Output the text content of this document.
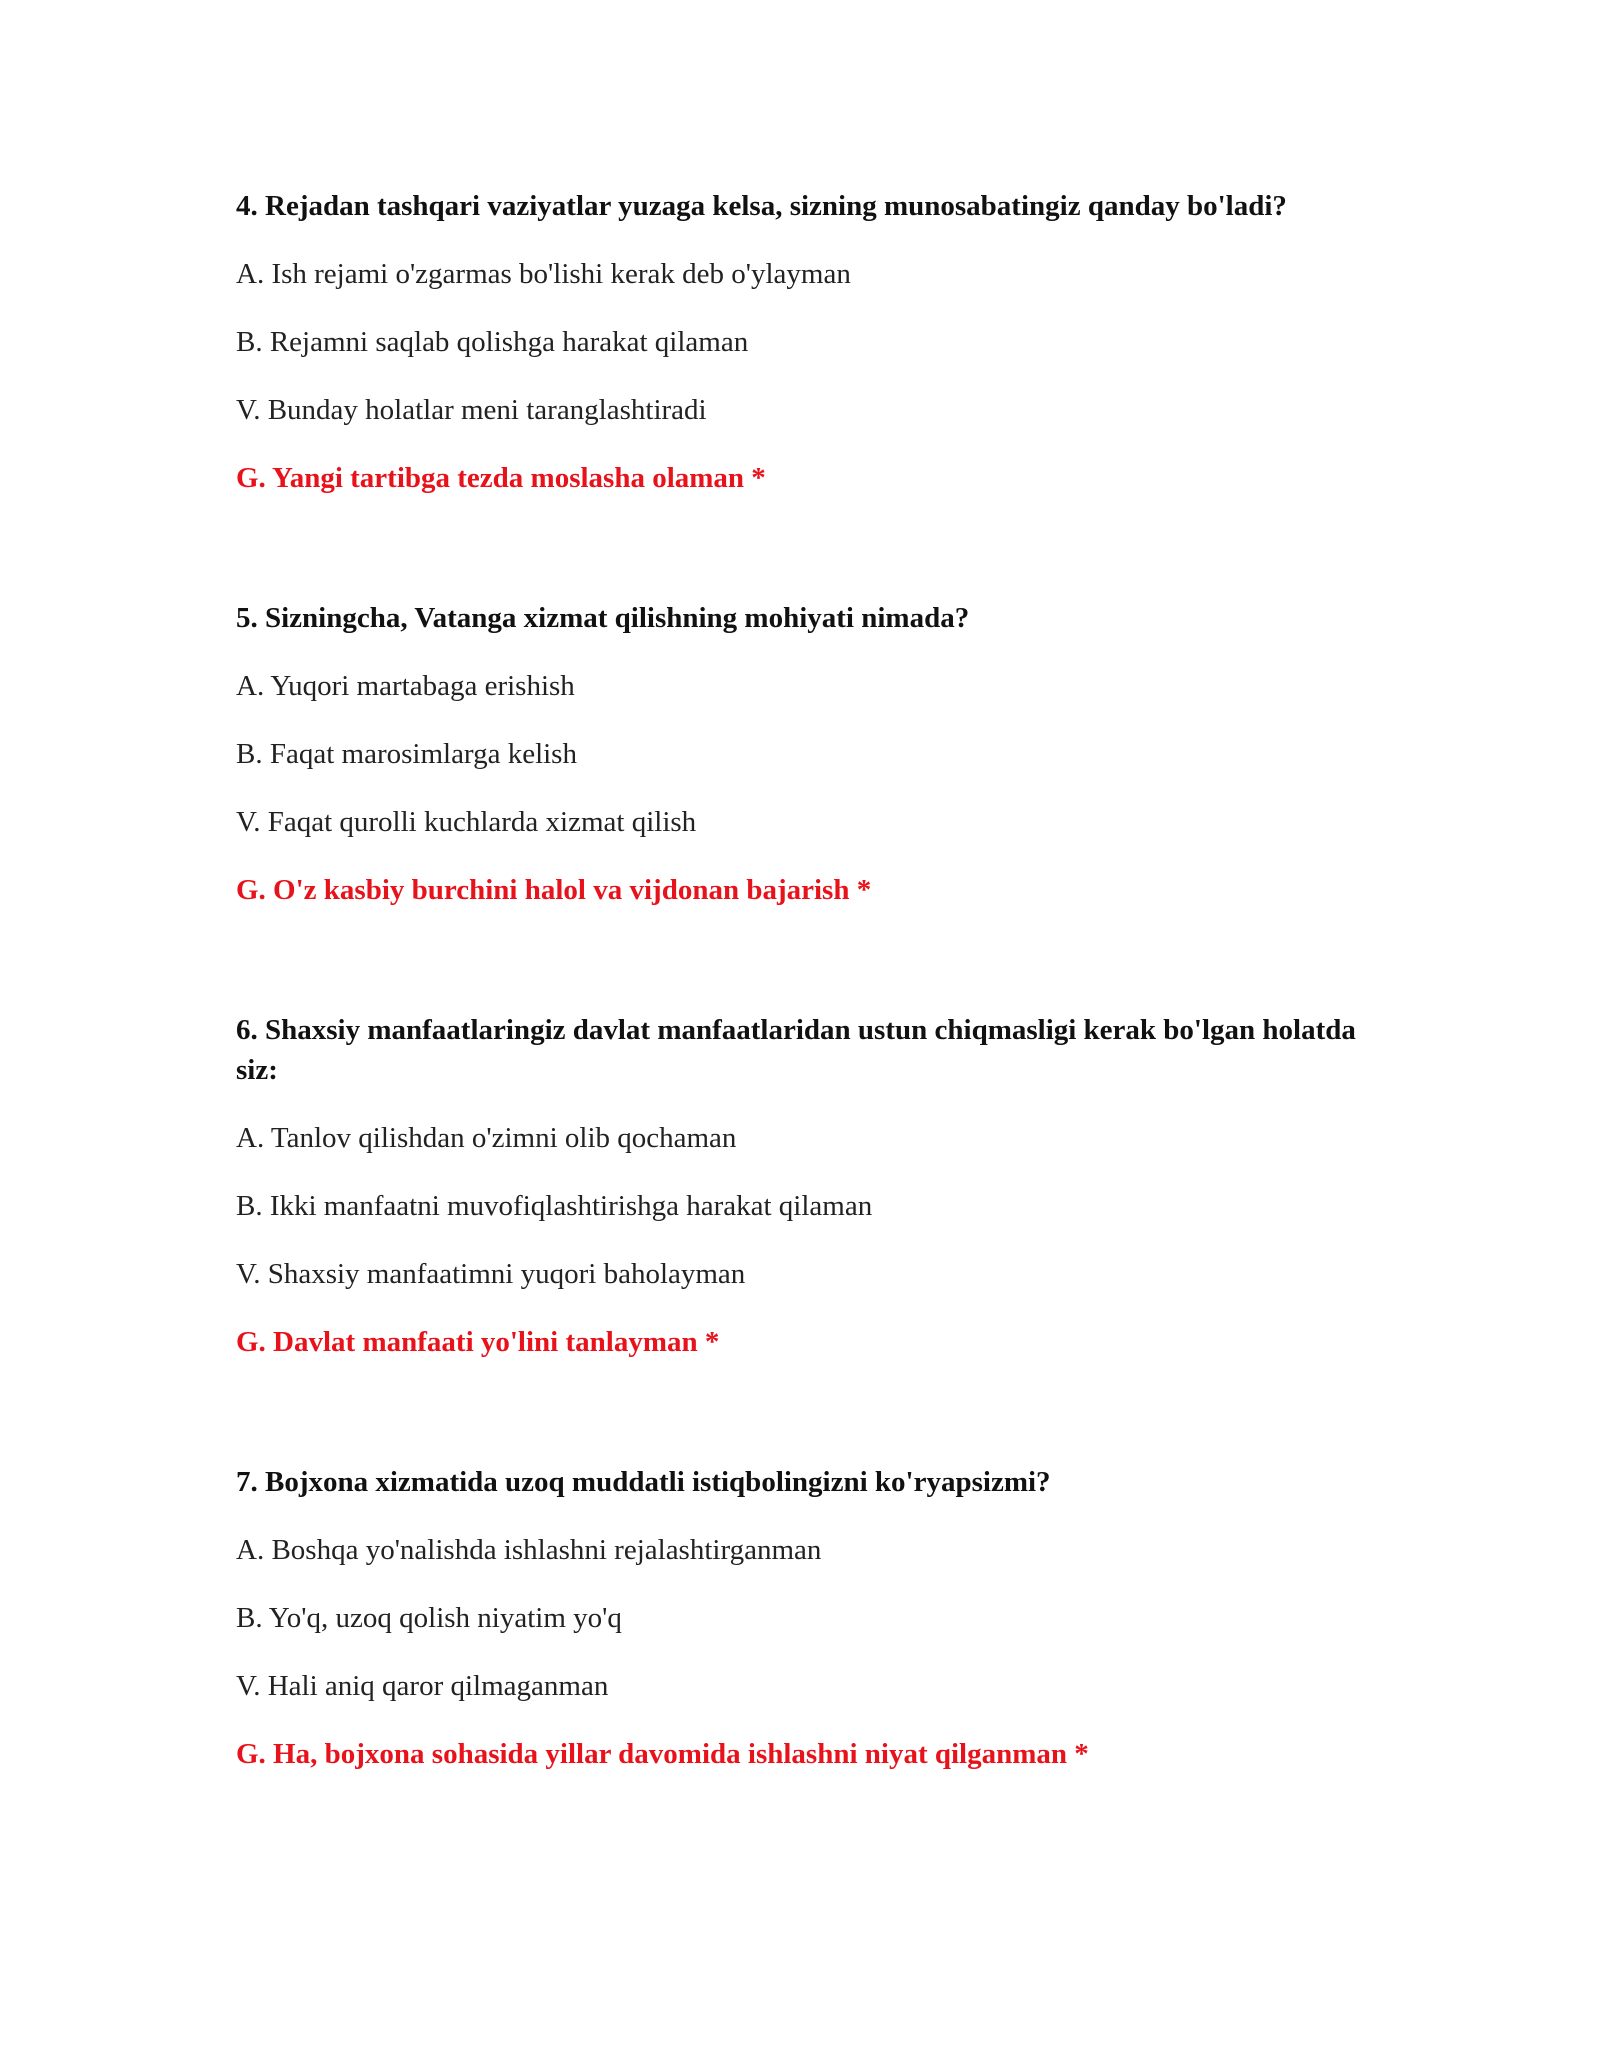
4. Rejadan tashqari vaziyatlar yuzaga kelsa, sizning munosabatingiz qanday bo'ladi?
A. Ish rejami o'zgarmas bo'lishi kerak deb o'ylayman
B. Rejamni saqlab qolishga harakat qilaman
V. Bunday holatlar meni taranglashtiradi
G. Yangi tartibga tezda moslasha olaman *
5. Sizningcha, Vatanga xizmat qilishning mohiyati nimada?
A. Yuqori martabaga erishish
B. Faqat marosimlarga kelish
V. Faqat qurolli kuchlarda xizmat qilish
G. O'z kasbiy burchini halol va vijdonan bajarish *
6. Shaxsiy manfaatlaringiz davlat manfaatlaridan ustun chiqmasligi kerak bo'lgan holatda siz:
A. Tanlov qilishdan o'zimni olib qochaman
B. Ikki manfaatni muvofiqlashtirishga harakat qilaman
V. Shaxsiy manfaatimni yuqori baholayman
G. Davlat manfaati yo'lini tanlayman *
7. Bojxona xizmatida uzoq muddatli istiqbolingizni ko'ryapsizmi?
A. Boshqa yo'nalishda ishlashni rejalashtirganman
B. Yo'q, uzoq qolish niyatim yo'q
V. Hali aniq qaror qilmaganman
G. Ha, bojxona sohasida yillar davomida ishlashni niyat qilganman *
